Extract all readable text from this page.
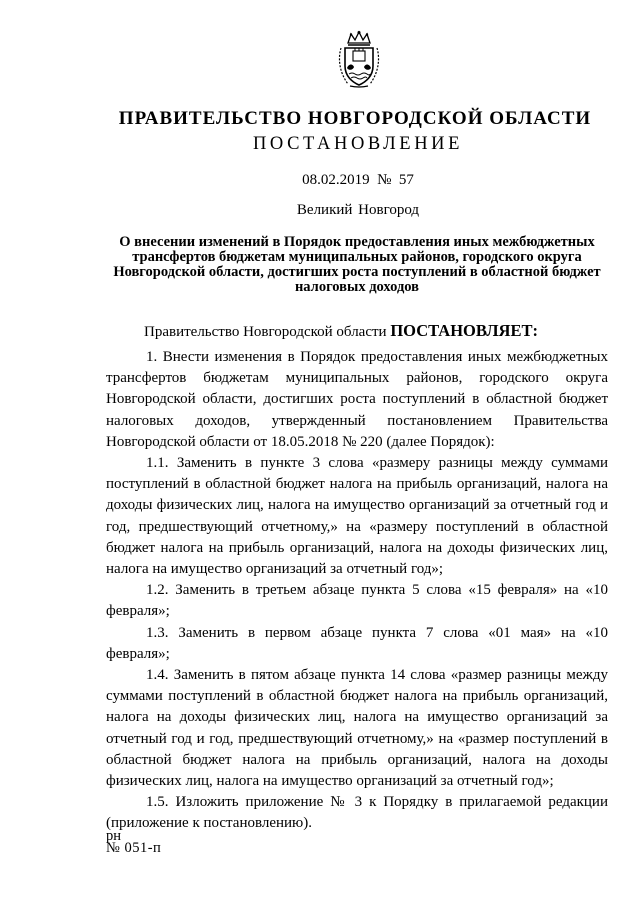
ПРАВИТЕЛЬСТВО НОВГОРОДСКОЙ ОБЛАСТИ
ПОСТАНОВЛЕНИЕ
08.02.2019 № 57
Великий Новгород
О внесении изменений в Порядок предоставления иных межбюджетных трансфертов бюджетам муниципальных районов, городского округа Новгородской области, достигших роста поступлений в областной бюджет налоговых доходов

Правительство Новгородской области ПОСТАНОВЛЯЕТ:

1. Внести изменения в Порядок предоставления иных межбюджетных трансфертов бюджетам муниципальных районов, городского округа Новгородской области, достигших роста поступлений в областной бюджет налоговых доходов, утвержденный постановлением Правительства Новгородской области от 18.05.2018 № 220 (далее Порядок):

1.1. Заменить в пункте 3 слова «размеру разницы между суммами поступлений в областной бюджет налога на прибыль организаций, налога на доходы физических лиц, налога на имущество организаций за отчетный год и год, предшествующий отчетному,» на «размеру поступлений в областной бюджет налога на прибыль организаций, налога на доходы физических лиц, налога на имущество организаций за отчетный год»;

1.2. Заменить в третьем абзаце пункта 5 слова «15 февраля» на «10 февраля»;

1.3. Заменить в первом абзаце пункта 7 слова «01 мая» на «10 февраля»;

1.4. Заменить в пятом абзаце пункта 14 слова «размер разницы между суммами поступлений в областной бюджет налога на прибыль организаций, налога на доходы физических лиц, налога на имущество организаций за отчетный год и год, предшествующий отчетному,» на «размер поступлений в областной бюджет налога на прибыль организаций, налога на доходы физических лиц, налога на имущество организаций за отчетный год»;

1.5. Изложить приложение № 3 к Порядку в прилагаемой редакции (приложение к постановлению).

рн
№ 051-п
